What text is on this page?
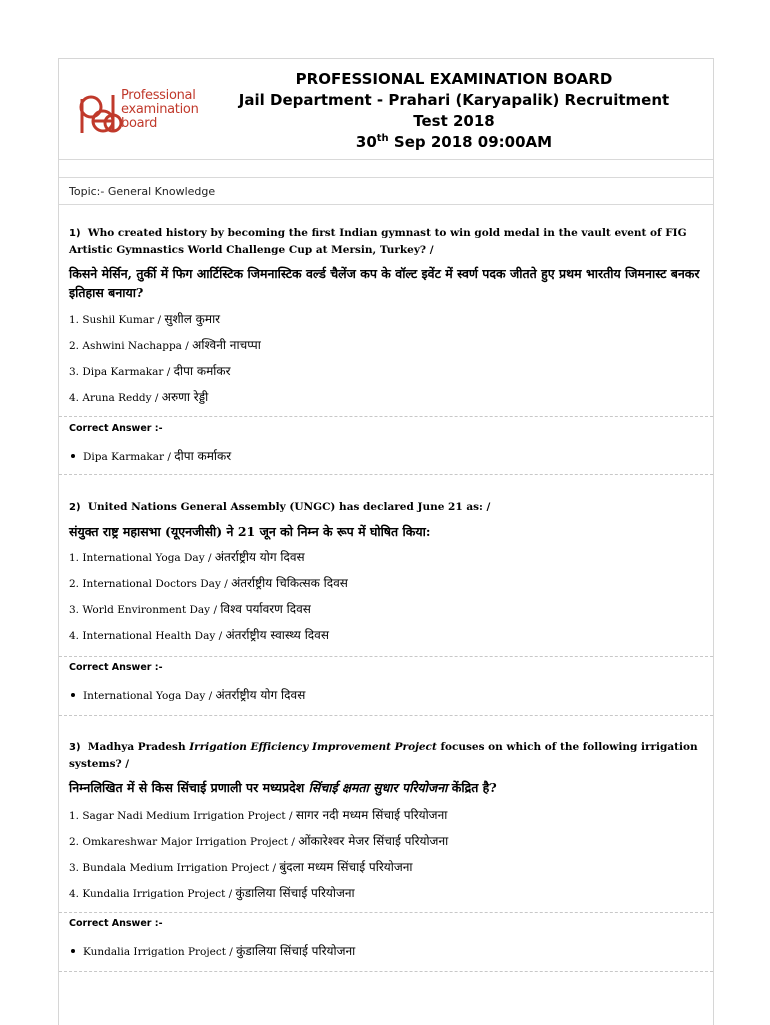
Professional
examination
board
PROFESSIONAL EXAMINATION BOARD
Jail Department - Prahari (Karyapalik) Recruitment
Test 2018
30th Sep 2018 09:00AM
Topic:- General Knowledge
1) Who created history by becoming the first Indian gymnast to win gold medal in the vault event of FIG Artistic Gymnastics World Challenge Cup at Mersin, Turkey? /
किसने मेर्सिन, तुर्की में फिग आर्टिस्टिक जिमनास्टिक वर्ल्ड चैलेंज कप के वॉल्ट इवेंट में स्वर्ण पदक जीतते हुए प्रथम भारतीय जिमनास्ट बनकर इतिहास बनाया?
1. Sushil Kumar / सुशील कुमार
2. Ashwini Nachappa / अश्विनी नाचप्पा
3. Dipa Karmakar / दीपा कर्माकर
4. Aruna Reddy / अरुणा रेड्डी
Correct Answer :-
Dipa Karmakar / दीपा कर्माकर
2) United Nations General Assembly (UNGC) has declared June 21 as: /
संयुक्त राष्ट्र महासभा (यूएनजीसी) ने 21 जून को निम्न के रूप में घोषित किया:
1. International Yoga Day / अंतर्राष्ट्रीय योग दिवस
2. International Doctors Day / अंतर्राष्ट्रीय चिकित्सक दिवस
3. World Environment Day / विश्व पर्यावरण दिवस
4. International Health Day / अंतर्राष्ट्रीय स्वास्थ्य दिवस
Correct Answer :-
International Yoga Day / अंतर्राष्ट्रीय योग दिवस
3) Madhya Pradesh Irrigation Efficiency Improvement Project focuses on which of the following irrigation systems? /
निम्नलिखित में से किस सिंचाई प्रणाली पर मध्यप्रदेश सिंचाई क्षमता सुधार परियोजना केंद्रित है?
1. Sagar Nadi Medium Irrigation Project / सागर नदी मध्यम सिंचाई परियोजना
2. Omkareshwar Major Irrigation Project / ओंकारेश्वर मेजर सिंचाई परियोजना
3. Bundala Medium Irrigation Project / बुंदला मध्यम सिंचाई परियोजना
4. Kundalia Irrigation Project / कुंडालिया सिंचाई परियोजना
Correct Answer :-
Kundalia Irrigation Project / कुंडालिया सिंचाई परियोजना
